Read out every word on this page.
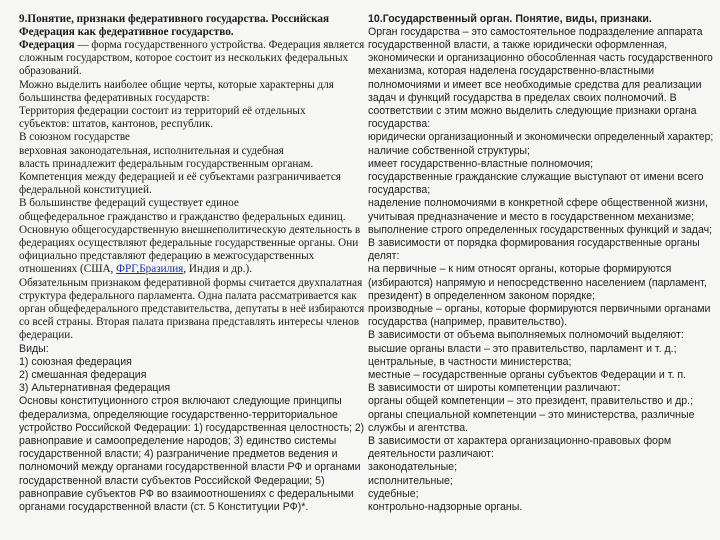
9.Понятие, признаки федеративного государства. Российская
Федерация как федеративное государство.
Федерация — форма государственного устройства. Федерация является
сложным государством, которое состоит из нескольких федеральных
образований.
Можно выделить наиболее общие черты, которые характерны для
большинства федеративных государств:
Территория федерации состоит из территорий её отдельных
субъектов: штатов, кантонов, республик.
В союзном государстве
верховная законодательная, исполнительная и судебная
власть принадлежит федеральным государственным органам.
Компетенция между федерацией и её субъектами разграничивается
федеральной конституцией.
В большинстве федераций существует единое
общефедеральное гражданство и гражданство федеральных единиц.
Основную общегосударственную внешнеполитическую деятельность в
федерациях осуществляют федеральные государственные органы. Они
официально представляют федерацию в межгосударственных
отношениях (США, ФРГ,Бразилия, Индия и др.).
Обязательным признаком федеративной формы считается двухпалатная
структура федерального парламента. Одна палата рассматривается как
орган общефедерального представительства, депутаты в неё избираются
со всей страны. Вторая палата призвана представлять интересы членов
федерации.
Виды:
1) союзная федерация
2) смешанная федерация
3) Альтернативная федерация
Основы конституционного строя включают следующие принципы
федерализма, определяющие государственно-территориальное
устройство Российской Федерации: 1) государственная целостность; 2)
равноправие и самоопределение народов; 3) единство системы
государственной власти; 4) разграничение предметов ведения и
полномочий между органами государственной власти РФ и органами
государственной власти субъектов Российской Федерации; 5)
равноправие субъектов РФ во взаимоотношениях с федеральными
органами государственной власти (ст. 5 Конституции РФ)*.
10.Государственный орган. Понятие, виды, признаки.
Орган государства – это самостоятельное подразделение аппарата
государственной власти, а также юридически оформленная,
экономически и организационно обособленная часть государственного
механизма, которая наделена государственно-властными
полномочиями и имеет все необходимые средства для реализации
задач и функций государства в пределах своих полномочий. В
соответствии с этим можно выделить следующие признаки органа
государства:
юридически организационный и экономически определенный характер;
наличие собственной структуры;
имеет государственно-властные полномочия;
государственные гражданские служащие выступают от имени всего
государства;
наделение полномочиями в конкретной сфере общественной жизни,
учитывая предназначение и место в государственном механизме;
выполнение строго определенных государственных функций и задач;
В зависимости от порядка формирования государственные органы
делят:
на первичные – к ним относят органы, которые формируются
(избираются) напрямую и непосредственно населением (парламент,
президент) в определенном законом порядке;
производные – органы, которые формируются первичными органами
государства (например, правительство).
В зависимости от объема выполняемых полномочий выделяют:
высшие органы власти – это правительство, парламент и т. д.;
центральные, в частности министерства;
местные – государственные органы субъектов Федерации и т. п.
В зависимости от широты компетенции различают:
органы общей компетенции – это президент, правительство и др.;
органы специальной компетенции – это министерства, различные
службы и агентства.
В зависимости от характера организационно-правовых форм
деятельности различают:
законодательные;
исполнительные;
судебные;
контрольно-надзорные органы.
